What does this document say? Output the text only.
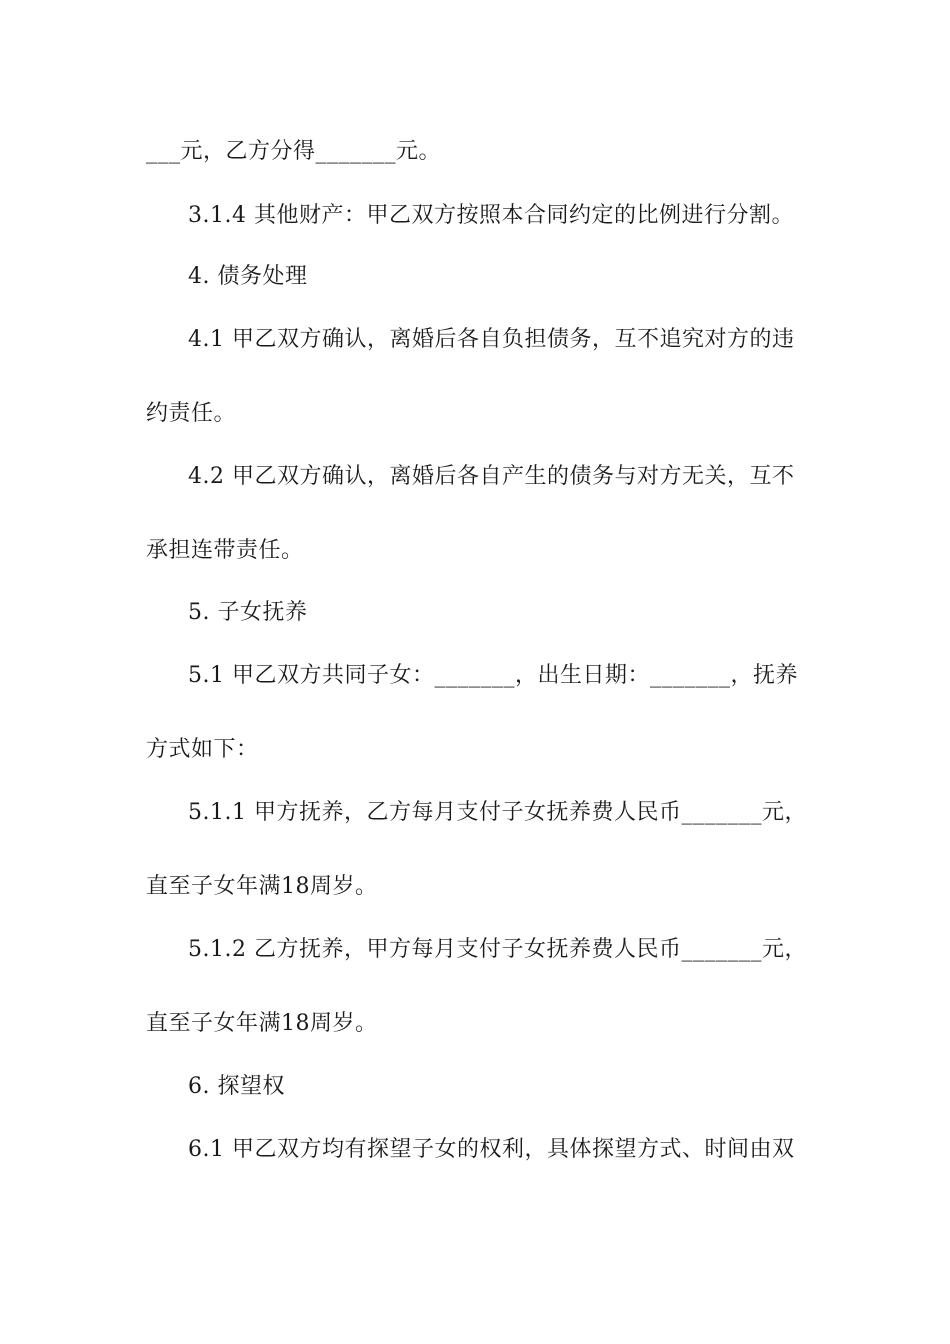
___元，乙方分得_______元。
3.1.4 其他财产：甲乙双方按照本合同约定的比例进行分割。
4. 债务处理
4.1 甲乙双方确认，离婚后各自负担债务，互不追究对方的违
约责任。
4.2 甲乙双方确认，离婚后各自产生的债务与对方无关，互不
承担连带责任。
5. 子女抚养
5.1 甲乙双方共同子女：_______，出生日期：_______，抚养
方式如下：
5.1.1 甲方抚养，乙方每月支付子女抚养费人民币_______元，
直至子女年满18周岁。
5.1.2 乙方抚养，甲方每月支付子女抚养费人民币_______元，
直至子女年满18周岁。
6. 探望权
6.1 甲乙双方均有探望子女的权利，具体探望方式、时间由双
